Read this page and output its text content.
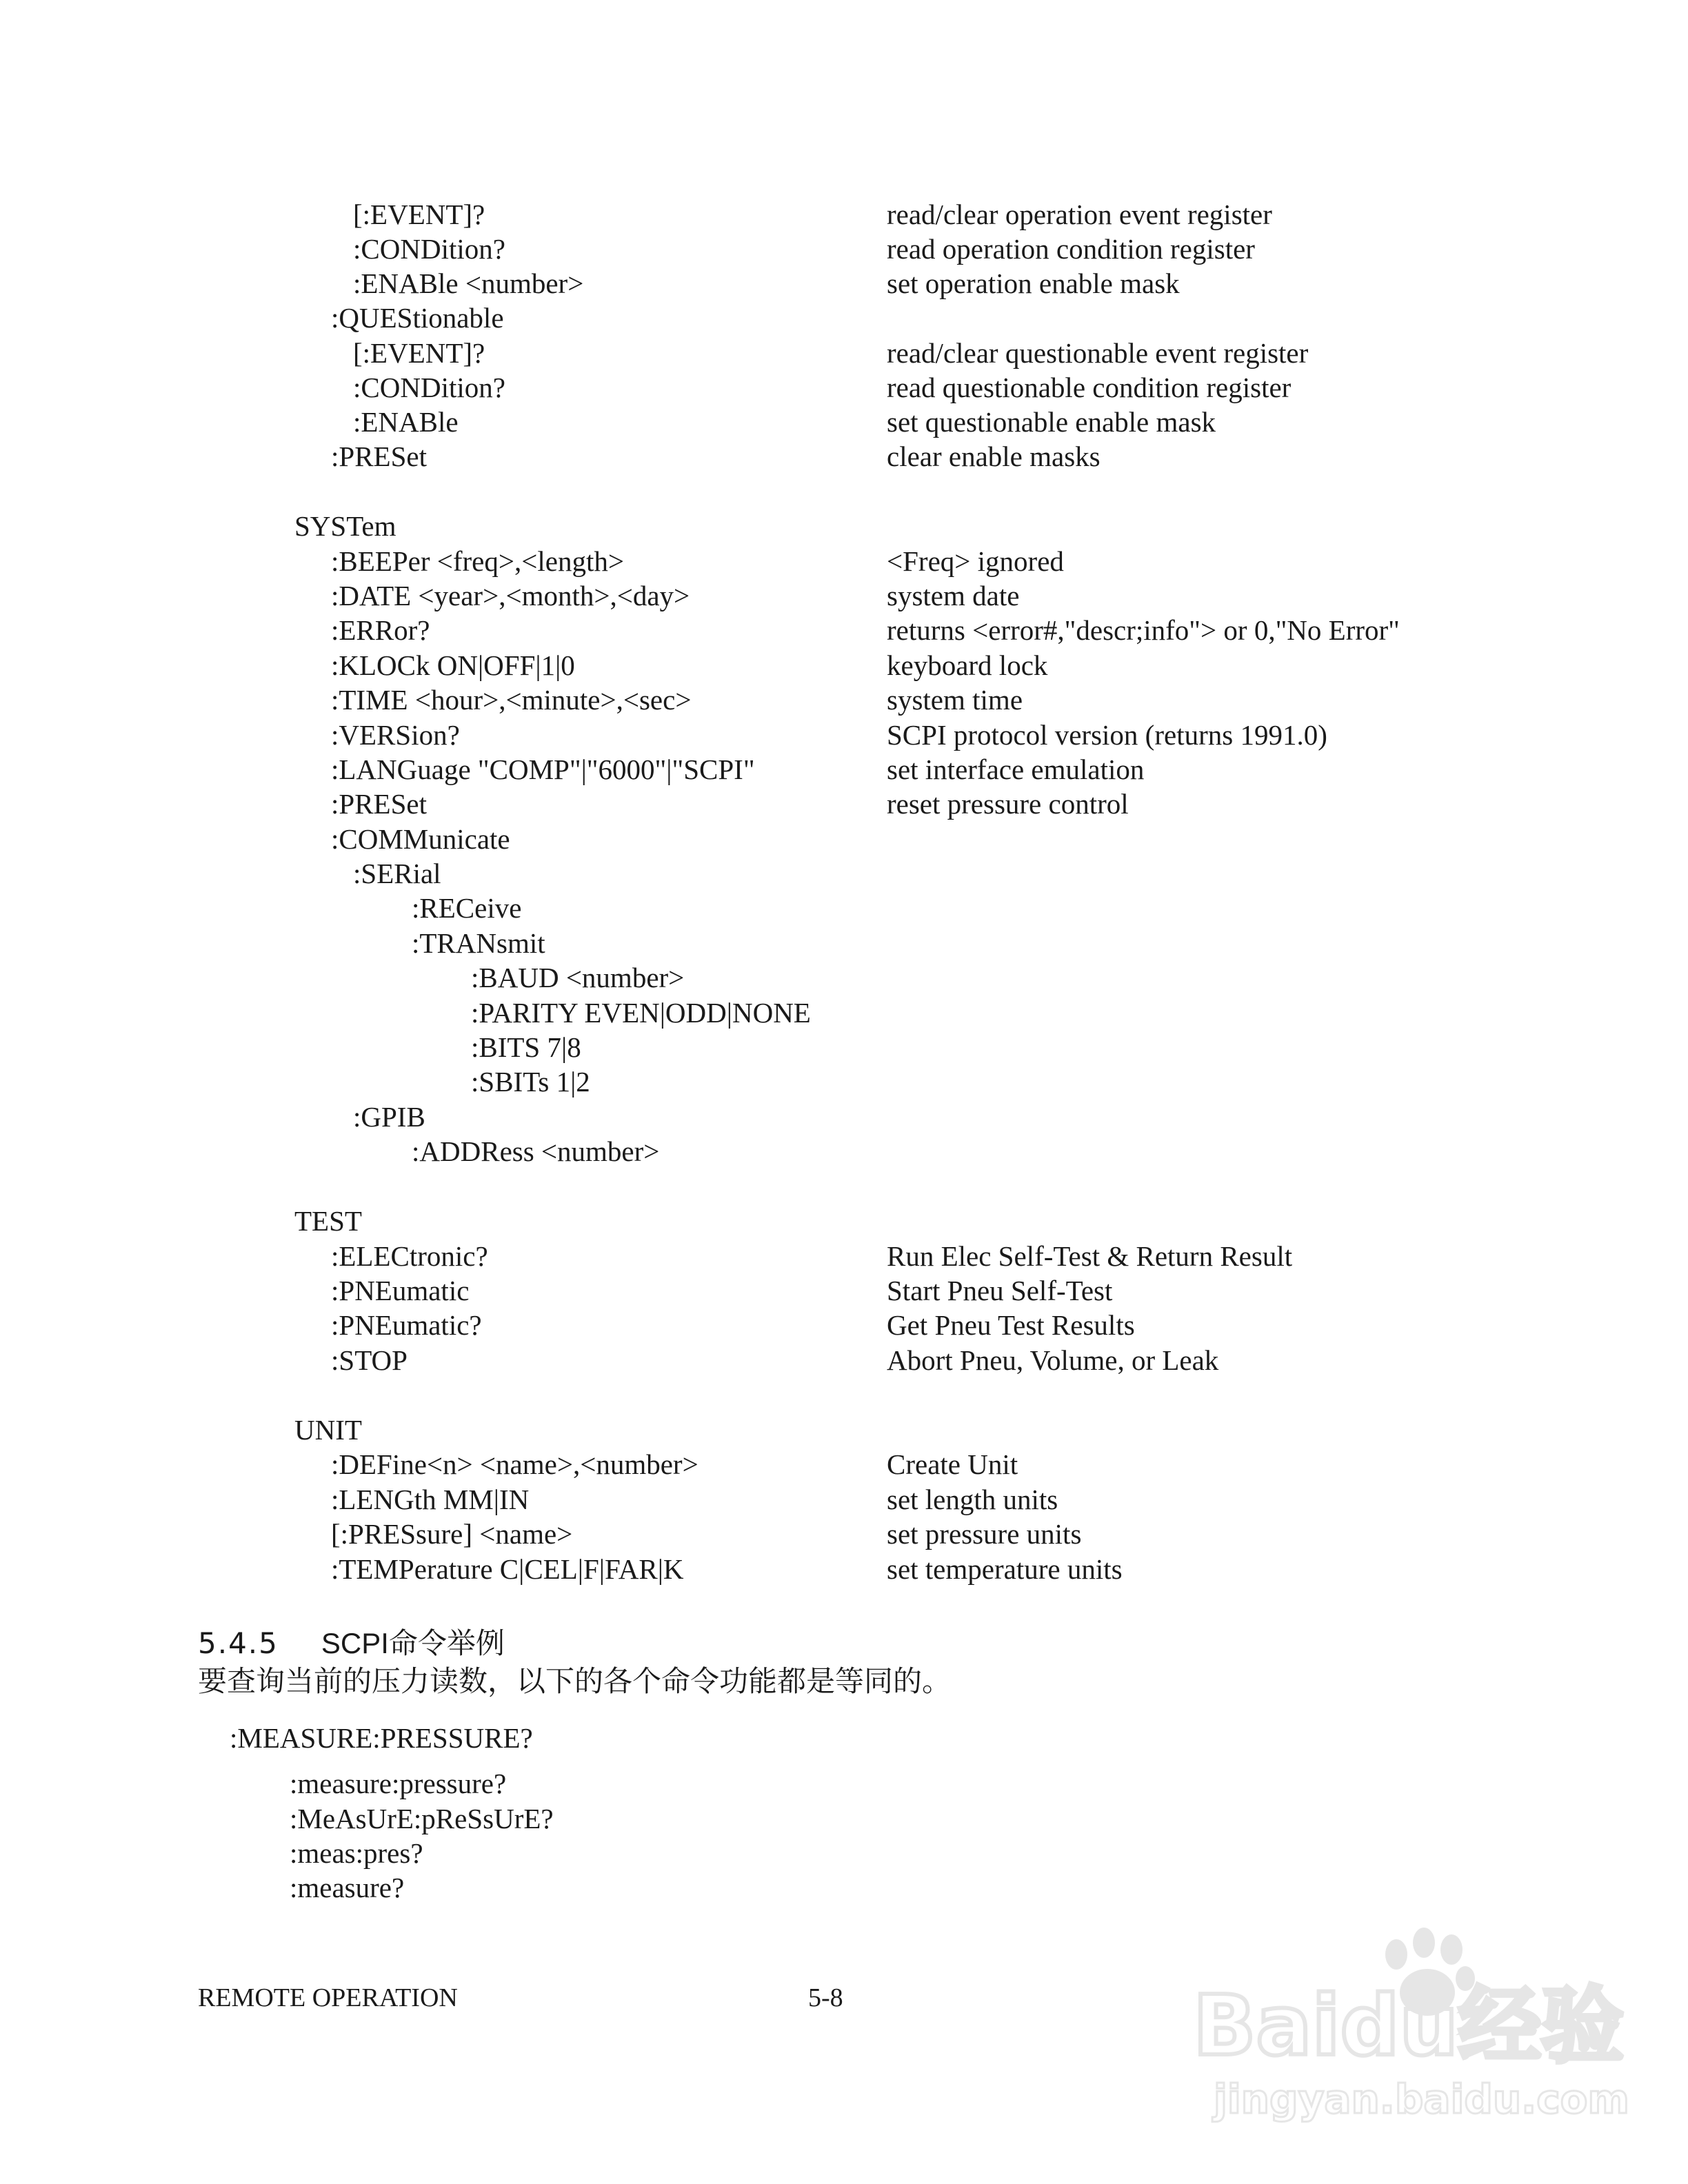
[:EVENT]?	read/clear operation event register
:CONDition?	read operation condition register
:ENABle <number>	set operation enable mask
:QUEStionable
[:EVENT]?	read/clear questionable event register
:CONDition?	read questionable condition register
:ENABle	set questionable enable mask
:PRESet	clear enable masks
SYSTem
:BEEPer <freq>,<length>	<Freq> ignored
:DATE <year>,<month>,<day>	system date
:ERRor?	returns <error#,"descr;info"> or 0,"No Error"
:KLOCk ON|OFF|1|0	keyboard lock
:TIME <hour>,<minute>,<sec>	system time
:VERSion?	SCPI protocol version (returns 1991.0)
:LANGuage "COMP"|"6000"|"SCPI"	set interface emulation
:PRESet	reset pressure control
:COMMunicate
:SERial
:RECeive
:TRANsmit
:BAUD <number>
:PARITY EVEN|ODD|NONE
:BITS 7|8
:SBITs 1|2
:GPIB
:ADDRess <number>
TEST
:ELECtronic?	Run Elec Self-Test & Return Result
:PNEumatic	Start Pneu Self-Test
:PNEumatic?	Get Pneu Test Results
:STOP	Abort Pneu, Volume, or Leak
UNIT
:DEFine<n> <name>,<number>	Create Unit
:LENGth MM|IN	set length units
[:PRESsure] <name>	set pressure units
:TEMPerature C|CEL|F|FAR|K	set temperature units
5.4.5 SCPI命令举例
要查询当前的压力读数，以下的各个命令功能都是等同的。
:MEASURE:PRESSURE?
:measure:pressure?
:MeAsUrE:pReSsUrE?
:meas:pres?
:measure?
REMOTE OPERATION	5-8	Baidu经验
jingyan.baidu.com
